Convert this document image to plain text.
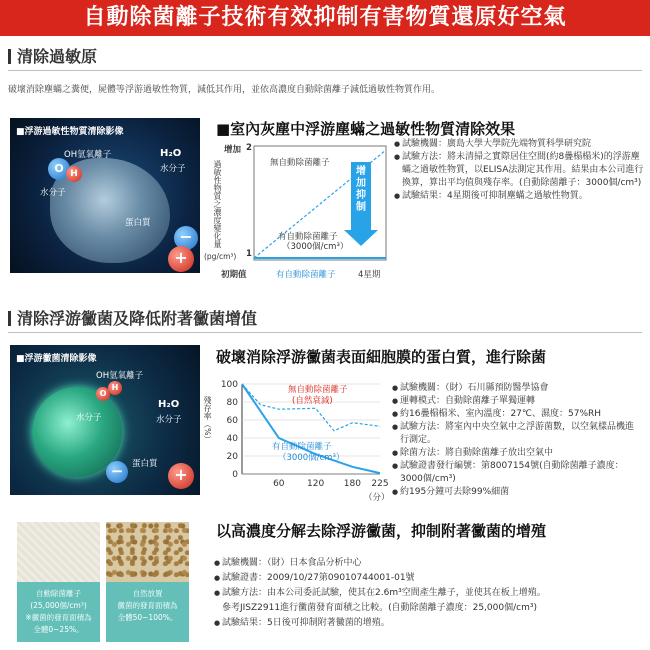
自動除菌離子技術有效抑制有害物質還原好空氣
清除過敏原
破壞消除塵蟎之糞便，屍體等浮游過敏性物質，減低其作用，並依高濃度自動除菌離子減低過敏性物質作用。
■浮游過敏性物質清除影像
O H
OH氫氧離子	H₂O
水分子
水分子
蛋白質
−
+
■室內灰塵中浮游塵蟎之過敏性物質清除效果
增加 2
過敏性物質之濃度變化量
1
(pg/cm³)
無自動除菌離子
有自動除菌離子
（3000個/cm³）
增加抑制
初期值	有自動除菌離子	4星期
● 試驗機關：廣島大學大學院先端物質科學研究院
● 試驗方法：將未清掃之實際居住空間(約8疊榻榻米)的浮游塵蟎之過敏性物質，以ELISA法測定其作用。結果由本公司進行換算，算出平均值與殘存率。(自動除菌離子：3000個/cm³)
● 試驗結果：4星期後可抑制塵蟎之過敏性物質。
清除浮游黴菌及降低附著黴菌增值
■浮游黴菌清除影像
OH氫氧離子
H
O
H₂O
水分子
水分子
−	蛋白質
+
破壞消除浮游黴菌表面細胞膜的蛋白質，進行除菌
0
20
40
60
80
100
60 120 180 225
殘存率（%）
無自動除菌離子
(自然衰減)
有自動除菌離子
（3000個/cm³）
（分）
● 試驗機關：（財）石川縣預防醫學協會
● 運轉模式：自動除菌離子單獨運轉
● 約16疊榻榻米、室內溫度：27℃、濕度：57%RH
● 試驗方法：將室內中央空氣中之浮游菌數，以空氣樣品機進行測定。
● 除菌方法：將自動除菌離子放出空氣中
● 試驗證書發行編號：第8007154號(自動除菌離子濃度：3000個/cm³)
● 約195分鐘可去除99%細菌
自動除菌離子
(25,000個/cm³)
※黴菌的發育面積為
全體0~25%。
自然放置
黴菌的發育面積為
全體50~100%。
以高濃度分解去除浮游黴菌，抑制附著黴菌的增殖
● 試驗機關：（財）日本食品分析中心
● 試驗證書：2009/10/27第09010744001-01號
● 試驗方法：由本公司委託試驗，使其在2.6m³空間產生離子，並使其在板上增殖。
參考JISZ2911進行黴菌發育面積之比較。(自動除菌離子濃度：25,000個/cm³)
● 試驗結果：5日後可抑制附著黴菌的增殖。
